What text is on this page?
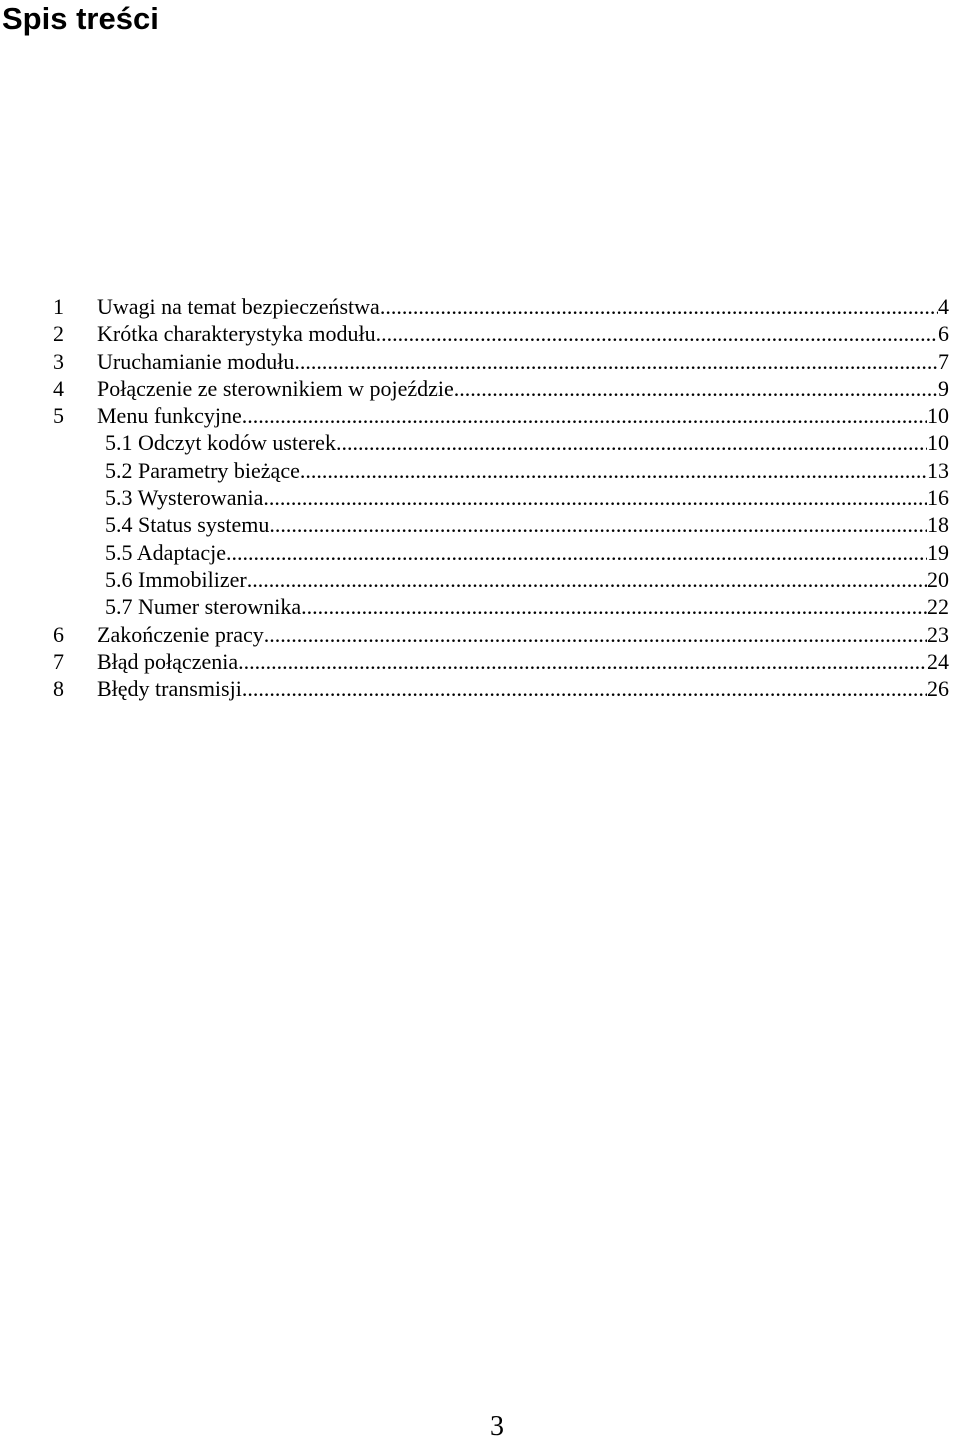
Spis treści
1 Uwagi na temat bezpieczeństwa .....	4
2 Krótka charakterystyka modułu .....	6
3 Uruchamianie modułu .....	7
4 Połączenie ze sterownikiem w pojeździe .....	9
5 Menu funkcyjne .....	10
5.1 Odczyt kodów usterek .....	10
5.2 Parametry bieżące .....	13
5.3 Wysterowania .....	16
5.4 Status systemu .....	18
5.5 Adaptacje .....	19
5.6 Immobilizer .....	20
5.7 Numer sterownika .....	22
6 Zakończenie pracy .....	23
7 Błąd połączenia .....	24
8 Błędy transmisji .....	26
3
